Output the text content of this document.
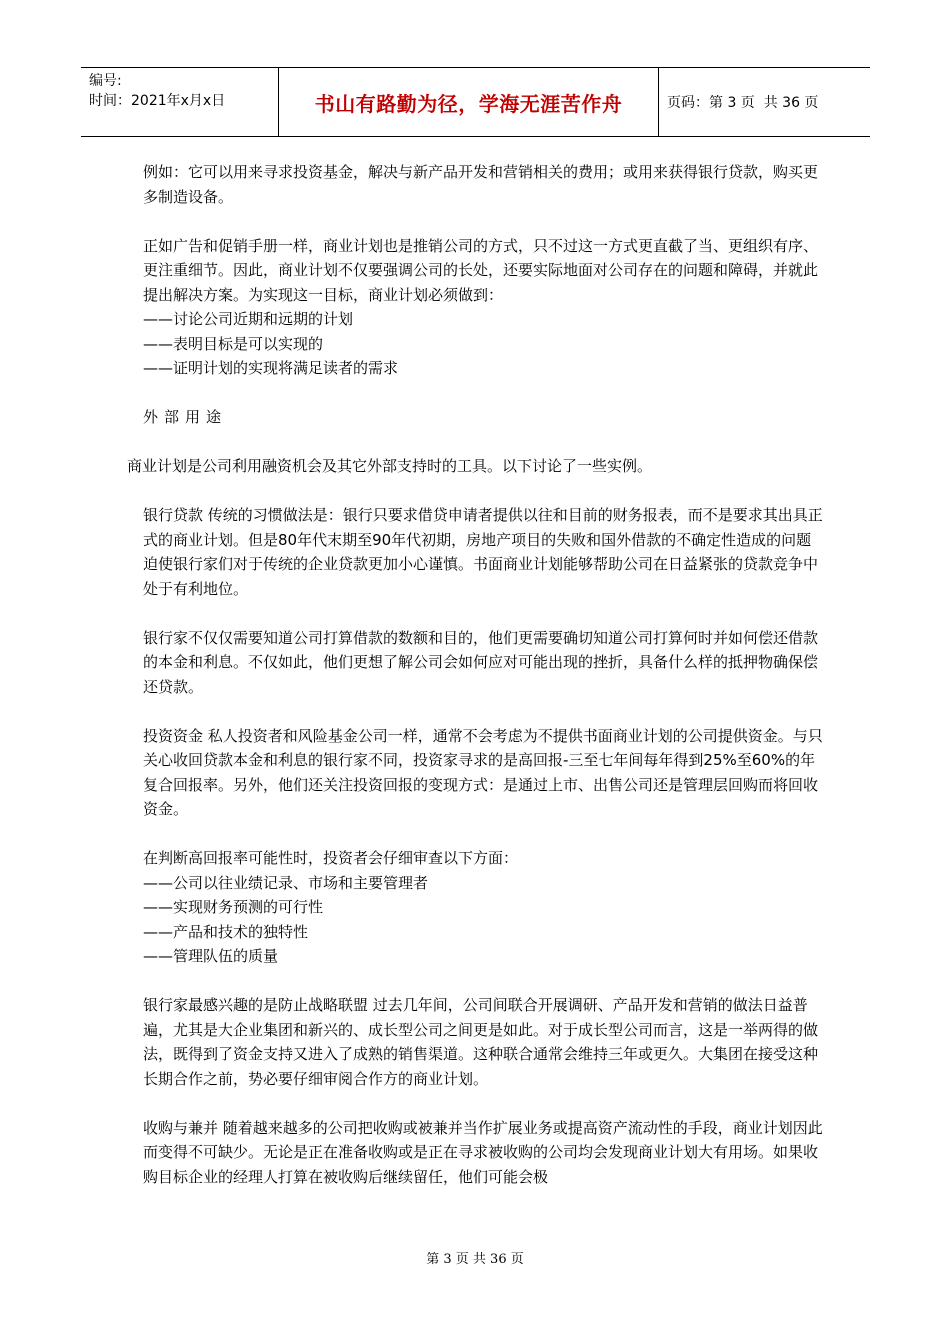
编号:
时间：2021年x月x日	书山有路勤为径，学海无涯苦作舟	页码：第 3 页  共 36 页

例如：它可以用来寻求投资基金，解决与新产品开发和营销相关的费用；或用来获得银行贷款，购买更多制造设备。

正如广告和促销手册一样，商业计划也是推销公司的方式，只不过这一方式更直截了当、更组织有序、更注重细节。因此，商业计划不仅要强调公司的长处，还要实际地面对公司存在的问题和障碍，并就此提出解决方案。为实现这一目标，商业计划必须做到：

——讨论公司近期和远期的计划

——表明目标是可以实现的

——证明计划的实现将满足读者的需求

外部用途

商业计划是公司利用融资机会及其它外部支持时的工具。以下讨论了一些实例。

银行贷款 传统的习惯做法是：银行只要求借贷申请者提供以往和目前的财务报表，而不是要求其出具正式的商业计划。但是80年代末期至90年代初期，房地产项目的失败和国外借款的不确定性造成的问题迫使银行家们对于传统的企业贷款更加小心谨慎。书面商业计划能够帮助公司在日益紧张的贷款竞争中处于有利地位。

银行家不仅仅需要知道公司打算借款的数额和目的，他们更需要确切知道公司打算何时并如何偿还借款的本金和利息。不仅如此，他们更想了解公司会如何应对可能出现的挫折，具备什么样的抵押物确保偿还贷款。

投资资金 私人投资者和风险基金公司一样，通常不会考虑为不提供书面商业计划的公司提供资金。与只关心收回贷款本金和利息的银行家不同，投资家寻求的是高回报-三至七年间每年得到25%至60%的年复合回报率。另外，他们还关注投资回报的变现方式：是通过上市、出售公司还是管理层回购而将回收资金。

在判断高回报率可能性时，投资者会仔细审查以下方面：

——公司以往业绩记录、市场和主要管理者

——实现财务预测的可行性

——产品和技术的独特性

——管理队伍的质量

银行家最感兴趣的是防止战略联盟 过去几年间，公司间联合开展调研、产品开发和营销的做法日益普遍，尤其是大企业集团和新兴的、成长型公司之间更是如此。对于成长型公司而言，这是一举两得的做法，既得到了资金支持又进入了成熟的销售渠道。这种联合通常会维持三年或更久。大集团在接受这种长期合作之前，势必要仔细审阅合作方的商业计划。

收购与兼并 随着越来越多的公司把收购或被兼并当作扩展业务或提高资产流动性的手段，商业计划因此而变得不可缺少。无论是正在准备收购或是正在寻求被收购的公司均会发现商业计划大有用场。如果收购目标企业的经理人打算在被收购后继续留任，他们可能会极

第 3 页 共 36 页
